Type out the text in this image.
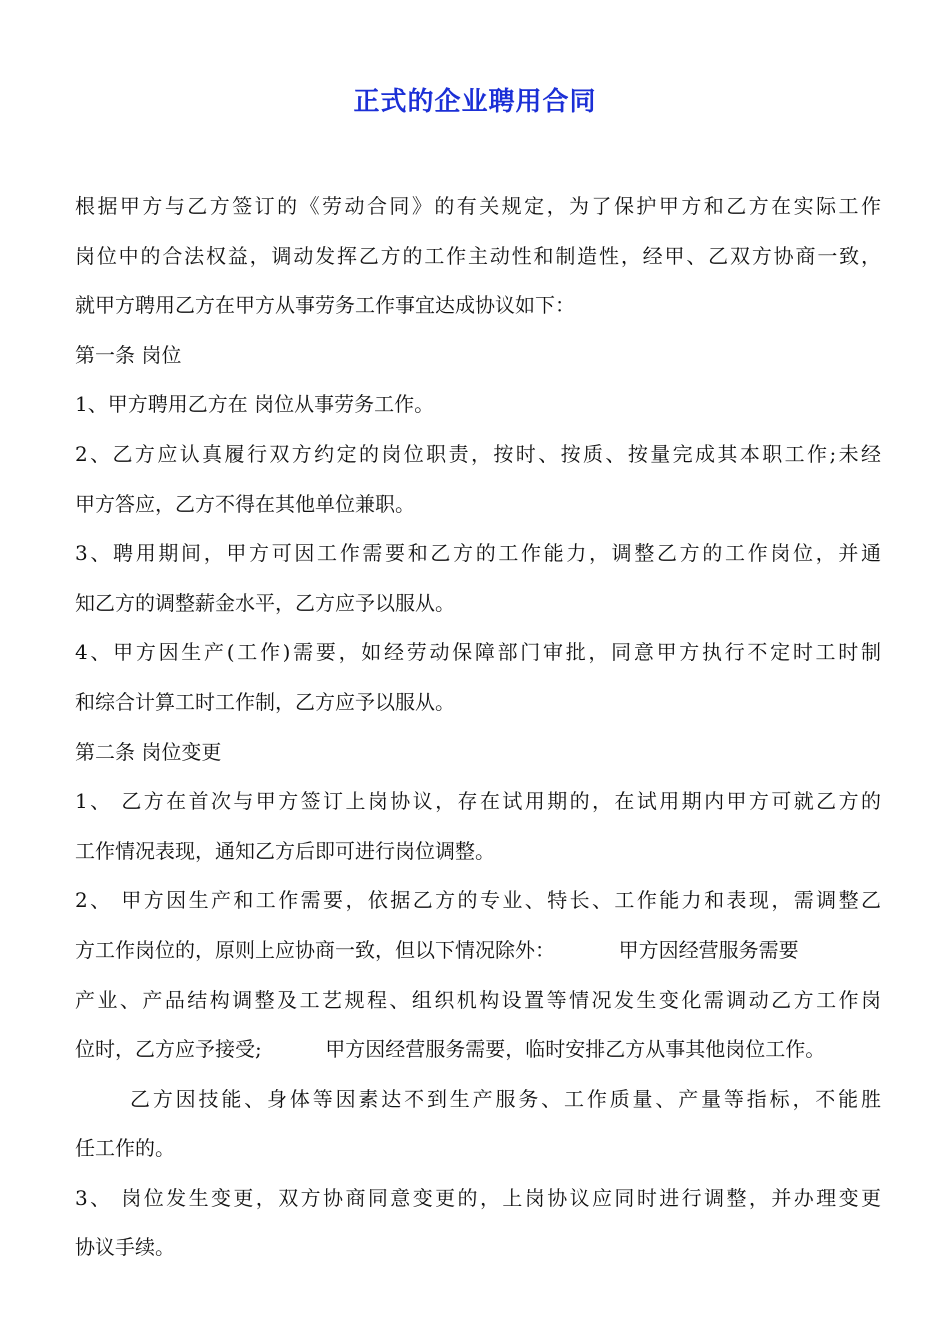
正式的企业聘用合同
根据甲方与乙方签订的《劳动合同》的有关规定，为了保护甲方和乙方在实际工作
岗位中的合法权益，调动发挥乙方的工作主动性和制造性，经甲、乙双方协商一致，
就甲方聘用乙方在甲方从事劳务工作事宜达成协议如下：
第一条 岗位
1、甲方聘用乙方在 岗位从事劳务工作。
2、乙方应认真履行双方约定的岗位职责，按时、按质、按量完成其本职工作;未经
甲方答应，乙方不得在其他单位兼职。
3、聘用期间，甲方可因工作需要和乙方的工作能力，调整乙方的工作岗位，并通
知乙方的调整薪金水平，乙方应予以服从。
4、甲方因生产(工作)需要，如经劳动保障部门审批，同意甲方执行不定时工时制
和综合计算工时工作制，乙方应予以服从。
第二条 岗位变更
1、 乙方在首次与甲方签订上岗协议，存在试用期的，在试用期内甲方可就乙方的
工作情况表现，通知乙方后即可进行岗位调整。
2、 甲方因生产和工作需要，依据乙方的专业、特长、工作能力和表现，需调整乙
方工作岗位的，原则上应协商一致，但以下情况除外：          甲方因经营服务需要
产业、产品结构调整及工艺规程、组织机构设置等情况发生变化需调动乙方工作岗
位时，乙方应予接受;          甲方因经营服务需要，临时安排乙方从事其他岗位工作。
乙方因技能、身体等因素达不到生产服务、工作质量、产量等指标，不能胜
任工作的。
3、 岗位发生变更，双方协商同意变更的，上岗协议应同时进行调整，并办理变更
协议手续。
